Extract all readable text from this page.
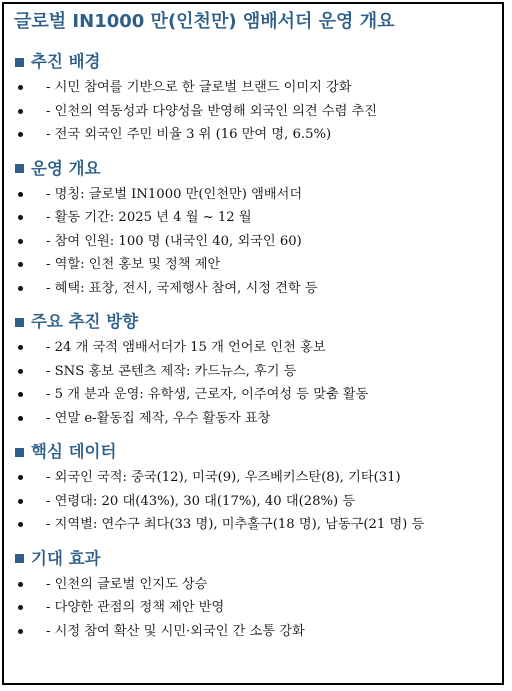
글로벌 IN1000 만(인천만) 앰배서더 운영 개요
추진 배경
- 시민 참여를 기반으로 한 글로벌 브랜드 이미지 강화
- 인천의 역동성과 다양성을 반영해 외국인 의견 수렴 추진
- 전국 외국인 주민 비율 3 위 (16 만여 명, 6.5%)
운영 개요
- 명칭: 글로벌 IN1000 만(인천만) 앰배서더
- 활동 기간: 2025 년 4 월 ~ 12 월
- 참여 인원: 100 명 (내국인 40, 외국인 60)
- 역할: 인천 홍보 및 정책 제안
- 혜택: 표창, 전시, 국제행사 참여, 시정 견학 등
주요 추진 방향
- 24 개 국적 앰배서더가 15 개 언어로 인천 홍보
- SNS 홍보 콘텐츠 제작: 카드뉴스, 후기 등
- 5 개 분과 운영: 유학생, 근로자, 이주여성 등 맞춤 활동
- 연말 e-활동집 제작, 우수 활동자 표창
핵심 데이터
- 외국인 국적: 중국(12), 미국(9), 우즈베키스탄(8), 기타(31)
- 연령대: 20 대(43%), 30 대(17%), 40 대(28%) 등
- 지역별: 연수구 최다(33 명), 미추홀구(18 명), 남동구(21 명) 등
기대 효과
- 인천의 글로벌 인지도 상승
- 다양한 관점의 정책 제안 반영
- 시정 참여 확산 및 시민·외국인 간 소통 강화
